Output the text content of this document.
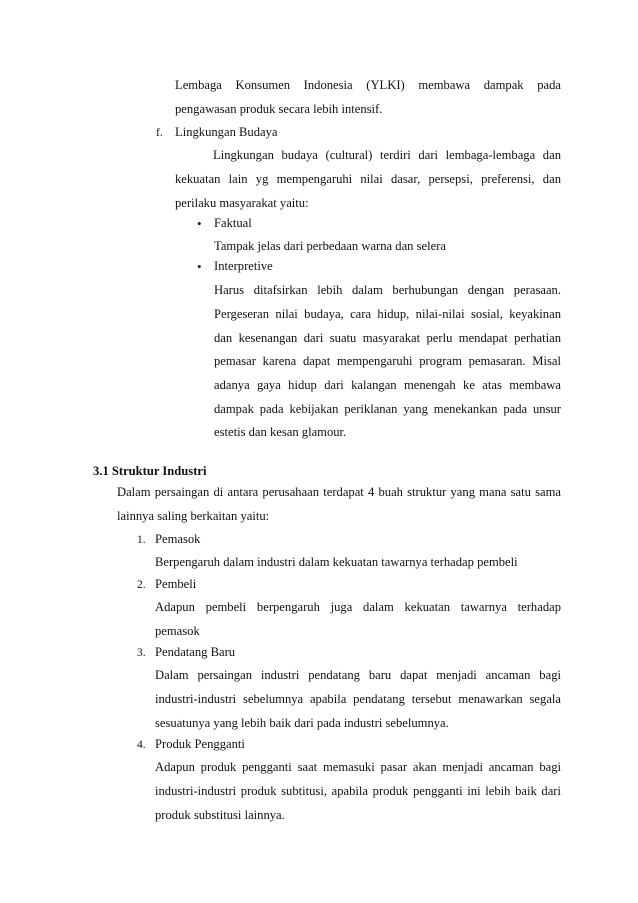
Lembaga Konsumen Indonesia (YLKI) membawa dampak pada
pengawasan produk secara lebih intensif.
f. Lingkungan Budaya
Lingkungan budaya (cultural) terdiri dari lembaga-lembaga dan
kekuatan lain yg mempengaruhi nilai dasar, persepsi, preferensi, dan
perilaku masyarakat yaitu:
• Faktual
Tampak jelas dari perbedaan warna dan selera
• Interpretive
Harus ditafsirkan lebih dalam berhubungan dengan perasaan.
Pergeseran nilai budaya, cara hidup, nilai-nilai sosial, keyakinan
dan kesenangan dari suatu masyarakat perlu mendapat perhatian
pemasar karena dapat mempengaruhi program pemasaran. Misal
adanya gaya hidup dari kalangan menengah ke atas membawa
dampak pada kebijakan periklanan yang menekankan pada unsur
estetis dan kesan glamour.
3.1 Struktur Industri
Dalam persaingan di antara perusahaan terdapat 4 buah struktur yang mana satu sama
lainnya saling berkaitan yaitu:
1. Pemasok
Berpengaruh dalam industri dalam kekuatan tawarnya terhadap pembeli
2. Pembeli
Adapun pembeli berpengaruh juga dalam kekuatan tawarnya terhadap
pemasok
3. Pendatang Baru
Dalam persaingan industri pendatang baru dapat menjadi ancaman bagi
industri-industri sebelumnya apabila pendatang tersebut menawarkan segala
sesuatunya yang lebih baik dari pada industri sebelumnya.
4. Produk Pengganti
Adapun produk pengganti saat memasuki pasar akan menjadi ancaman bagi
industri-industri produk subtitusi, apabila produk pengganti ini lebih baik dari
produk substitusi lainnya.
